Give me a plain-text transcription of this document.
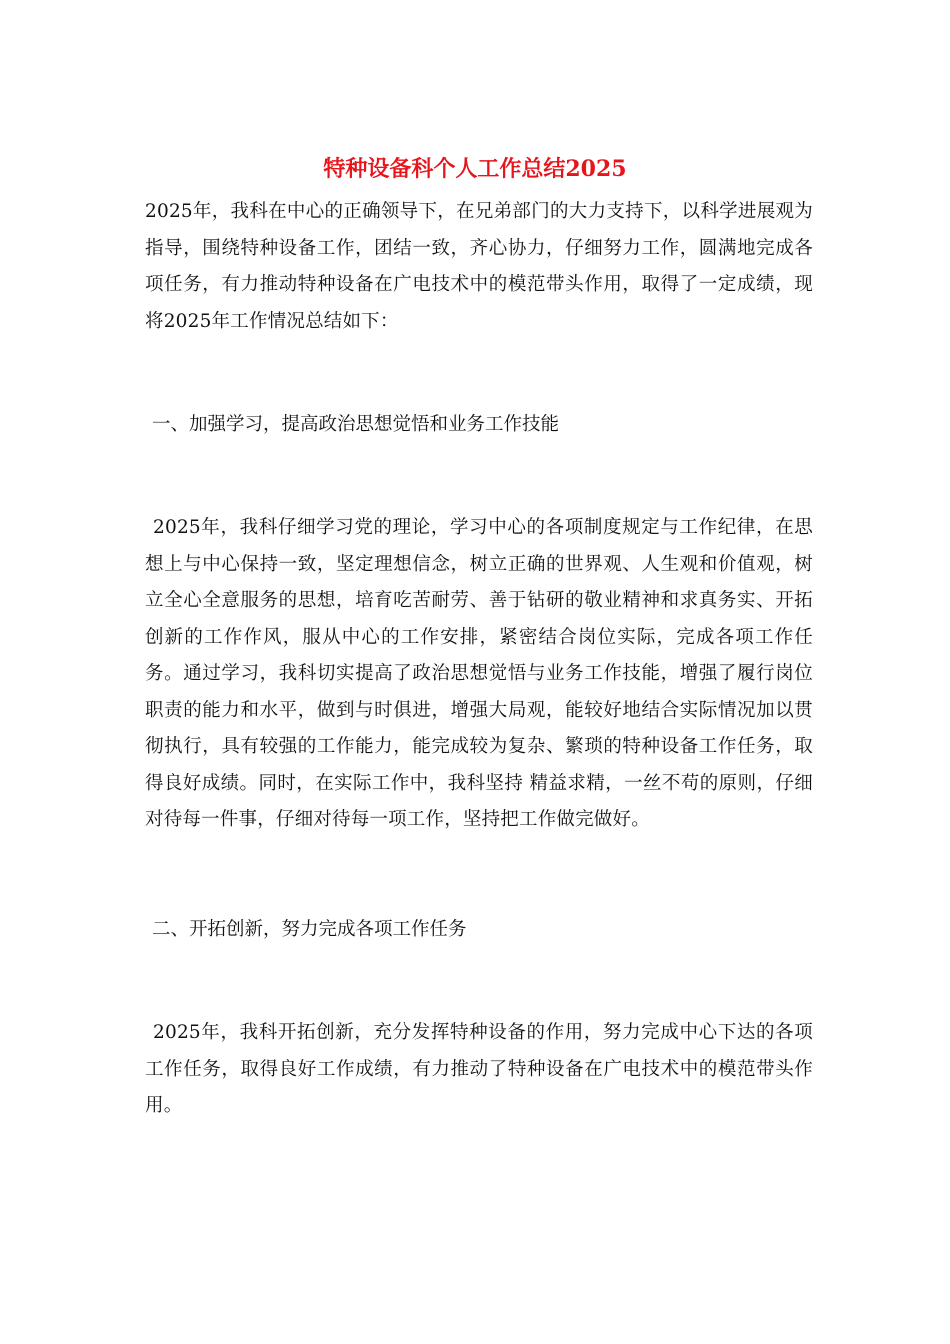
特种设备科个人工作总结2025

2025年，我科在中心的正确领导下，在兄弟部门的大力支持下，以科学进展观为指导，围绕特种设备工作，团结一致，齐心协力，仔细努力工作，圆满地完成各项任务，有力推动特种设备在广电技术中的模范带头作用，取得了一定成绩，现将2025年工作情况总结如下：

一、加强学习，提高政治思想觉悟和业务工作技能

2025年，我科仔细学习党的理论，学习中心的各项制度规定与工作纪律，在思想上与中心保持一致，坚定理想信念，树立正确的世界观、人生观和价值观，树立全心全意服务的思想，培育吃苦耐劳、善于钻研的敬业精神和求真务实、开拓创新的工作作风，服从中心的工作安排，紧密结合岗位实际，完成各项工作任务。通过学习，我科切实提高了政治思想觉悟与业务工作技能，增强了履行岗位职责的能力和水平，做到与时俱进，增强大局观，能较好地结合实际情况加以贯彻执行，具有较强的工作能力，能完成较为复杂、繁琐的特种设备工作任务，取得良好成绩。同时，在实际工作中，我科坚持 精益求精，一丝不苟的原则，仔细对待每一件事，仔细对待每一项工作，坚持把工作做完做好。

二、开拓创新，努力完成各项工作任务

2025年，我科开拓创新，充分发挥特种设备的作用，努力完成中心下达的各项工作任务，取得良好工作成绩，有力推动了特种设备在广电技术中的模范带头作用。
